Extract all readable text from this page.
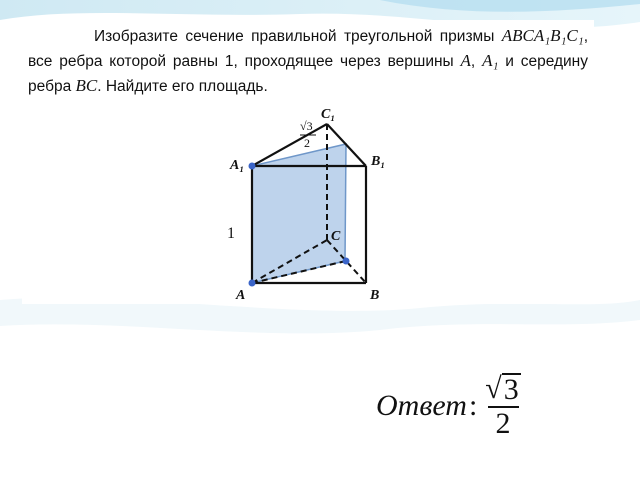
Изобразите сечение правильной треугольной призмы ABCA₁B₁C₁, все ребра которой равны 1, проходящее через вершины A, A₁ и середину ребра BC. Найдите его площадь.
A₁	B₁
C₁
A	B
C
1
√3
2
Ответ : $\frac{√ 3}{2}$
